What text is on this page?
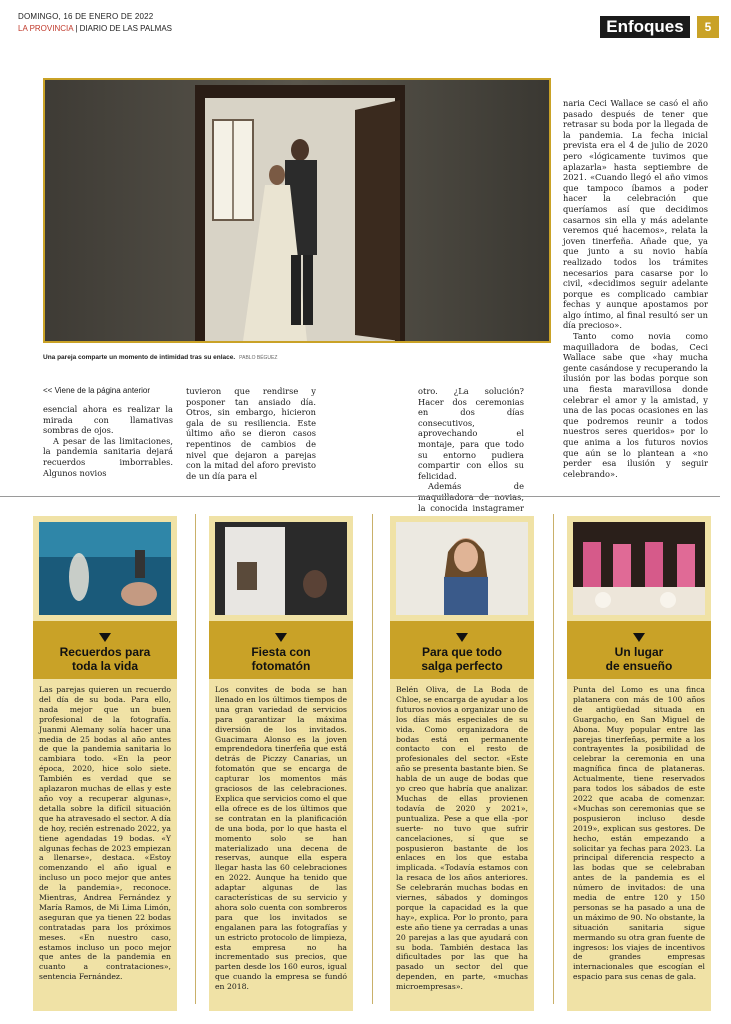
DOMINGO, 16 DE ENERO DE 2022
LA PROVINCIA | DIARIO DE LAS PALMAS	Enfoques	5
Una pareja comparte un momento de intimidad tras su enlace. PABLO BÉGUEZ

naria Ceci Wallace se casó el año pasado después de tener que retrasar su boda por la llegada de la pandemia. La fecha inicial prevista era el 4 de julio de 2020 pero «lógicamente tuvimos que aplazarla» hasta septiembre de 2021. «Cuando llegó el año vimos que tampoco íbamos a poder hacer la celebración que queríamos así que decidimos casarnos sin ella y más adelante veremos qué hacemos», relata la joven tinerfeña. Añade que, ya que junto a su novio había realizado todos los trámites necesarios para casarse por lo civil, «decidimos seguir adelante porque es complicado cambiar fechas y aunque apostamos por algo íntimo, al final resultó ser un día precioso».

Tanto como novia como maquilladora de bodas, Ceci Wallace sabe que «hay mucha gente casándose y recuperando la ilusión por las bodas porque son una fiesta maravillosa donde celebrar el amor y la amistad, y una de las pocas ocasiones en las que podremos reunir a todos nuestros seres queridos» por lo que anima a los futuros novios que aún se lo plantean a «no perder esa ilusión y seguir celebrando».

<< Viene de la página anterior

esencial ahora es realizar la mirada con llamativas sombras de ojos.

A pesar de las limitaciones, la pandemia sanitaria dejará recuerdos imborrables. Algunos novios

tuvieron que rendirse y posponer tan ansiado día. Otros, sin embargo, hicieron gala de su resiliencia. Este último año se dieron casos repentinos de cambios de nivel que dejaron a parejas con la mitad del aforo previsto de un día para el

otro. ¿La solución? Hacer dos ceremonias en dos días consecutivos, aprovechando el montaje, para que todo su entorno pudiera compartir con ellos su felicidad.

Además de la conocida instagramer

Recuerdos para
toda la vida
Las parejas quieren un recuerdo del día de su boda. Para ello, nada mejor que un buen profesional de la fotografía. Juanmi Alemany solía hacer una media de 25 bodas al año antes de que la pandemia sanitaria lo cambiara todo. «En la peor época, 2020, hice solo siete. También es verdad que se aplazaron muchas de ellas y este año voy a recuperar algunas», detalla sobre la difícil situación que ha atravesado el sector. A día de hoy, recién estrenado 2022, ya tiene agendadas 19 bodas. «Y algunas fechas de 2023 empiezan a llenarse», destaca. «Estoy comenzando el año igual e incluso un poco mejor que antes de la pandemia», reconoce. Mientras, Andrea Fernández y María Ramos, de Mi Lima Limón, aseguran que ya tienen 22 bodas contratadas para los próximos meses. «En nuestro caso, estamos incluso un poco mejor que antes de la pandemia en cuanto a contrataciones», sentencia Fernández.
Fiesta con
fotomatón
Los convites de boda se han llenado en los últimos tiempos de una gran variedad de servicios para garantizar la máxima diversión de los invitados. Guacimara Alonso es la joven emprendedora tinerfeña que está detrás de Piczzy Canarias, un fotomatón que se encarga de capturar los momentos más graciosos de las celebraciones. Explica que servicios como el que ella ofrece es de los últimos que se contratan en la planificación de una boda, por lo que hasta el momento solo se han materializado una decena de reservas, aunque ella espera llegar hasta las 60 celebraciones en 2022. Aunque ha tenido que adaptar algunas de las características de su servicio y ahora solo cuenta con sombreros para que los invitados se engalanen para las fotografías y un estricto protocolo de limpieza, esta empresa no ha incrementado sus precios, que parten desde los 160 euros, igual que cuando la empresa se fundó en 2018.
Para que todo
salga perfecto
Belén Oliva, de La Boda de Chloe, se encarga de ayudar a los futuros novios a organizar uno de los días más especiales de su vida. Como organizadora de bodas está en permanente contacto con el resto de profesionales del sector. «Este año se presenta bastante bien. Se habla de un auge de bodas que yo creo que habría que analizar. Muchas de ellas provienen todavía de 2020 y 2021», puntualiza. Pese a que ella -por suerte- no tuvo que sufrir cancelaciones, sí que se pospusieron bastante de los enlaces en los que estaba implicada. «Todavía estamos con la resaca de los años anteriores. Se celebrarán muchas bodas en viernes, sábados y domingos porque la capacidad es la que hay», explica. Por lo pronto, para este año tiene ya cerradas a unas 20 parejas a las que ayudará con su boda. También destaca las dificultades por las que ha pasado un sector del que dependen, en parte, «muchas microempresas».
Un lugar
de ensueño
Punta del Lomo es una finca platanera con más de 100 años de antigüedad situada en Guargacho, en San Miguel de Abona. Muy popular entre las parejas tinerfeñas, permite a los contrayentes la posibilidad de celebrar la ceremonia en una magnífica finca de plataneras. Actualmente, tiene reservados para todos los sábados de este 2022 que acaba de comenzar. «Muchas son ceremonias que se pospusieron incluso desde 2019», explican sus gestores. De hecho, están empezando a solicitar ya fechas para 2023. La principal diferencia respecto a las bodas que se celebraban antes de la pandemia es el número de invitados: de una media de entre 120 y 150 personas se ha pasado a una de un máximo de 90. No obstante, la situación sanitaria sigue mermando su otra gran fuente de ingresos: los viajes de incentivos de grandes empresas internacionales que escogían el espacio para sus cenas de gala.
